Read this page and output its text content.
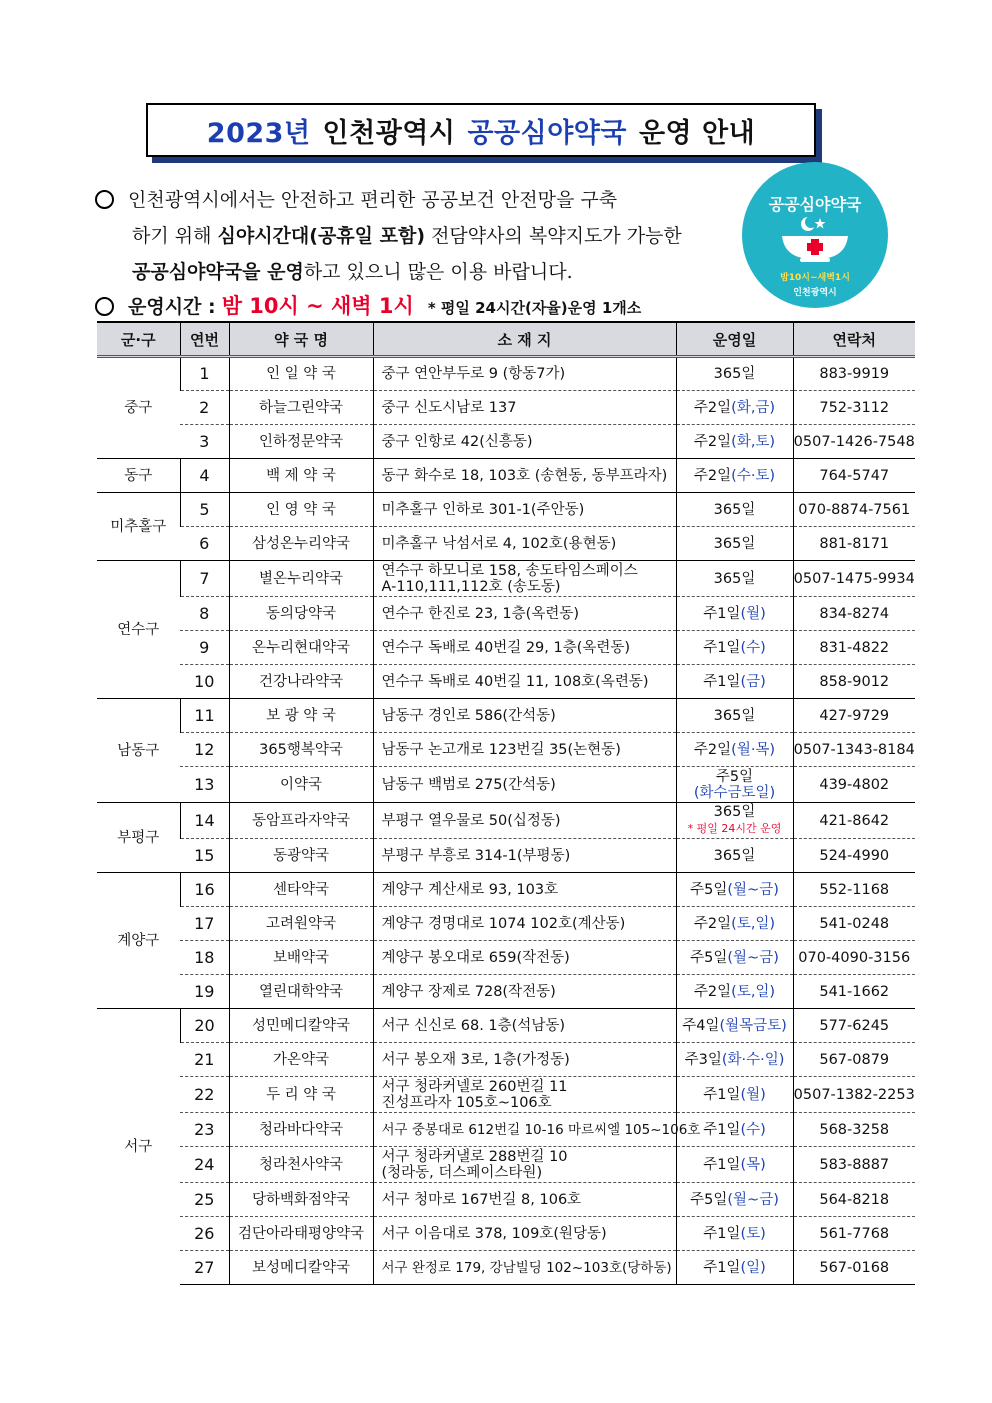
2023년 인천광역시 공공심야약국 운영 안내
인천광역시에서는 안전하고 편리한 공공보건 안전망을 구축
하기 위해 심야시간대(공휴일 포함) 전담약사의 복약지도가 가능한
공공심야약국을 운영하고 있으니 많은 이용 바랍니다.
공공심야약국
밤10시~새벽1시
인천광역시
운영시간 : 밤 10시 ~ 새벽 1시 * 평일 24시간(자율)운영 1개소
군·구	연번	약 국 명	소 재 지	운영일	연락처
중구	1	인 일 약 국	중구 연안부두로 9 (항동7가)	365일	883-9919
	2	하늘그린약국	중구 신도시남로 137	주2일(화,금)	752-3112
	3	인하정문약국	중구 인항로 42(신흥동)	주2일(화,토)	0507-1426-7548
동구	4	백 제 약 국	동구 화수로 18, 103호 (송현동, 동부프라자)	주2일(수·토)	764-5747
미추홀구	5	인 영 약 국	미추홀구 인하로 301-1(주안동)	365일	070-8874-7561
	6	삼성온누리약국	미추홀구 낙섬서로 4, 102호(용현동)	365일	881-8171
연수구	7	별온누리약국	연수구 하모니로 158, 송도타임스페이스
A-110,111,112호 (송도동)	365일	0507-1475-9934
	8	동의당약국	연수구 한진로 23, 1층(옥련동)	주1일(월)	834-8274
	9	온누리현대약국	연수구 독배로 40번길 29, 1층(옥련동)	주1일(수)	831-4822
	10	건강나라약국	연수구 독배로 40번길 11, 108호(옥련동)	주1일(금)	858-9012
남동구	11	보 광 약 국	남동구 경인로 586(간석동)	365일	427-9729
	12	365행복약국	남동구 논고개로 123번길 35(논현동)	주2일(월·목)	0507-1343-8184
	13	이약국	남동구 백범로 275(간석동)	주5일
(화수금토일)	439-4802
부평구	14	동암프라자약국	부평구 열우물로 50(십정동)	365일
* 평일 24시간 운영	421-8642
	15	동광약국	부평구 부흥로 314-1(부평동)	365일	524-4990
계양구	16	센타약국	계양구 계산새로 93, 103호	주5일(월~금)	552-1168
	17	고려원약국	계양구 경명대로 1074 102호(계산동)	주2일(토,일)	541-0248
	18	보배약국	계양구 봉오대로 659(작전동)	주5일(월~금)	070-4090-3156
	19	열린대학약국	계양구 장제로 728(작전동)	주2일(토,일)	541-1662
서구	20	성민메디칼약국	서구 신신로 68. 1층(석남동)	주4일(월목금토)	577-6245
	21	가온약국	서구 봉오재 3로, 1층(가정동)	주3일(화·수·일)	567-0879
	22	두 리 약 국	서구 청라커넬로 260번길 11
진성프라자 105호~106호	주1일(월)	0507-1382-2253
	23	청라바다약국	서구 중봉대로 612번길 10-16 마르씨엘 105~106호	주1일(수)	568-3258
	24	청라천사약국	서구 청라커낼로 288번길 10
(청라동, 더스페이스타원)	주1일(목)	583-8887
	25	당하백화점약국	서구 청마로 167번길 8, 106호	주5일(월~금)	564-8218
	26	검단아라태평양약국	서구 이음대로 378, 109호(원당동)	주1일(토)	561-7768
	27	보성메디칼약국	서구 완정로 179, 강남빌딩 102~103호(당하동)	주1일(일)	567-0168
